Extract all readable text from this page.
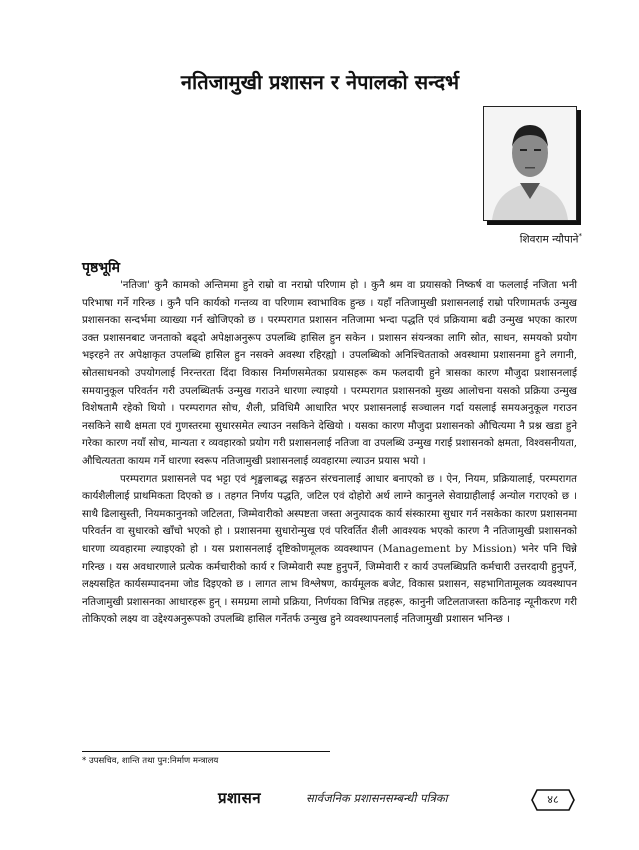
नतिजामुखी प्रशासन र नेपालको सन्दर्भ
शिवराम न्यौपाने*
पृष्ठभूमि

'नतिजा' कुनै कामको अन्तिममा हुने राम्रो वा नराम्रो परिणाम हो । कुनै श्रम वा प्रयासको निष्कर्ष वा फललाई नजिता भनी परिभाषा गर्ने गरिन्छ । कुनै पनि कार्यको गन्तव्य वा परिणाम स्वाभाविक हुन्छ । यहाँ नतिजामुखी प्रशासनलाई राम्रो परिणामतर्फ उन्मुख प्रशासनका सन्दर्भमा व्याख्या गर्न खोजिएको छ । परम्परागत प्रशासन नतिजामा भन्दा पद्धति एवं प्रक्रियामा बढी उन्मुख भएका कारण उक्त प्रशासनबाट जनताको बढ्दो अपेक्षाअनुरूप उपलब्धि हासिल हुन सकेन । प्रशासन संयन्त्रका लागि स्रोत, साधन, समयको प्रयोग भइरहने तर अपेक्षाकृत उपलब्धि हासिल हुन नसक्ने अवस्था रहिरह्यो । उपलब्धिको अनिश्चितताको अवस्थामा प्रशासनमा हुने लगानी, स्रोतसाधनको उपयोगलाई निरन्तरता दिंदा विकास निर्माणसमेतका प्रयासहरू कम फलदायी हुने त्रासका कारण मौजुदा प्रशासनलाई समयानुकूल परिवर्तन गरी उपलब्धितर्फ उन्मुख गराउने धारणा ल्याइयो । परम्परागत प्रशासनको मुख्य आलोचना यसको प्रक्रिया उन्मुख विशेषतामै रहेको थियो । परम्परागत सोच, शैली, प्रविधिमै आधारित भएर प्रशासनलाई सञ्चालन गर्दा यसलाई समयअनुकूल गराउन नसकिने साथै क्षमता एवं गुणस्तरमा सुधारसमेत ल्याउन नसकिने देखियो । यसका कारण मौजुदा प्रशासनको औचित्यमा नै प्रश्न खडा हुने गरेका कारण नयाँ सोच, मान्यता र व्यवहारको प्रयोग गरी प्रशासनलाई नतिजा वा उपलब्धि उन्मुख गराई प्रशासनको क्षमता, विश्वसनीयता, औचित्यतता कायम गर्ने धारणा स्वरूप नतिजामुखी प्रशासनलाई व्यवहारमा ल्याउन प्रयास भयो ।

परम्परागत प्रशासनले पद भट्टा एवं शृङ्खलाबद्ध सङ्गठन संरचनालाई आधार बनाएको छ । ऐन, नियम, प्रक्रियालाई, परम्परागत कार्यशैलीलाई प्राथमिकता दिएको छ । तहगत निर्णय पद्धति, जटिल एवं दोहोरो अर्थ लाग्ने कानुनले सेवाग्राहीलाई अन्योल गराएको छ । साथै ढिलासुस्ती, नियमकानुनको जटिलता, जिम्मेवारीको अस्पष्टता जस्ता अनुत्पादक कार्य संस्कारमा सुधार गर्न नसकेका कारण प्रशासनमा परिवर्तन वा सुधारको खाँचो भएको हो । प्रशासनमा सुधारोन्मुख एवं परिवर्तित शैली आवश्यक भएको कारण नै नतिजामुखी प्रशासनको धारणा व्यवहारमा ल्याइएको हो । यस प्रशासनलाई दृष्टिकोणमूलक व्यवस्थापन (Management by Mission) भनेर पनि चिन्ने गरिन्छ । यस अवधारणाले प्रत्येक कर्मचारीको कार्य र जिम्मेवारी स्पष्ट हुनुपर्ने, जिम्मेवारी र कार्य उपलब्धिप्रति कर्मचारी उत्तरदायी हुनुपर्ने, लक्ष्यसहित कार्यसम्पादनमा जोड दिइएको छ । लागत लाभ विश्लेषण, कार्यमूलक बजेट, विकास प्रशासन, सहभागितामूलक व्यवस्थापन नतिजामुखी प्रशासनका आधारहरू हुन् । समग्रमा लामो प्रक्रिया, निर्णयका विभिन्न तहहरू, कानुनी जटिलताजस्ता कठिनाइ न्यूनीकरण गरी तोकिएको लक्ष्य वा उद्देश्यअनुरूपको उपलब्धि हासिल गर्नेतर्फ उन्मुख हुने व्यवस्थापनलाई नतिजामुखी प्रशासन भनिन्छ ।

* उपसचिव, शान्ति तथा पुन:निर्माण मन्त्रालय
प्रशासन	सार्वजनिक प्रशासनसम्बन्धी पत्रिका	४८
